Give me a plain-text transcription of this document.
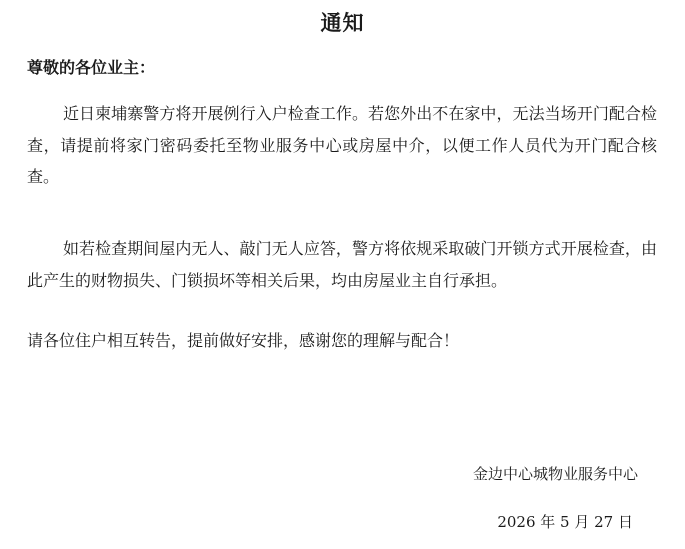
通知
尊敬的各位业主：

近日柬埔寨警方将开展例行入户检查工作。若您外出不在家中，无法当场开门配合检查，请提前将家门密码委托至物业服务中心或房屋中介，以便工作人员代为开门配合核查。

如若检查期间屋内无人、敲门无人应答，警方将依规采取破门开锁方式开展检查，由此产生的财物损失、门锁损坏等相关后果，均由房屋业主自行承担。

请各位住户相互转告，提前做好安排，感谢您的理解与配合！

金边中心城物业服务中心
2026 年 5 月 27 日
